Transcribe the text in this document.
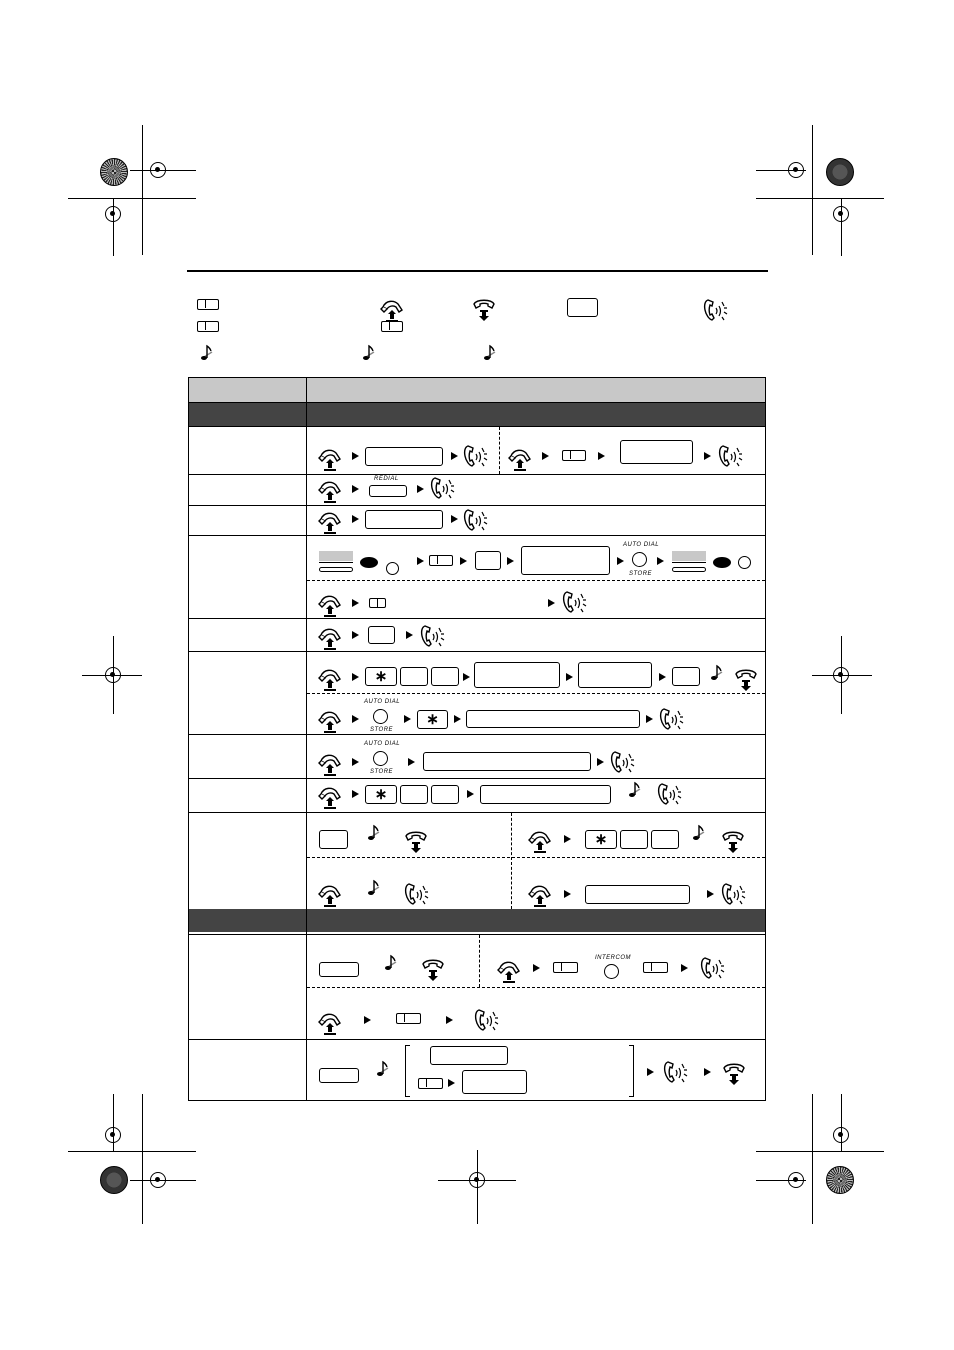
REDIAL
AUTO DIAL
STORE
∗
AUTO DIAL
STORE
∗
AUTO DIAL
STORE
∗
∗
INTERCOM
